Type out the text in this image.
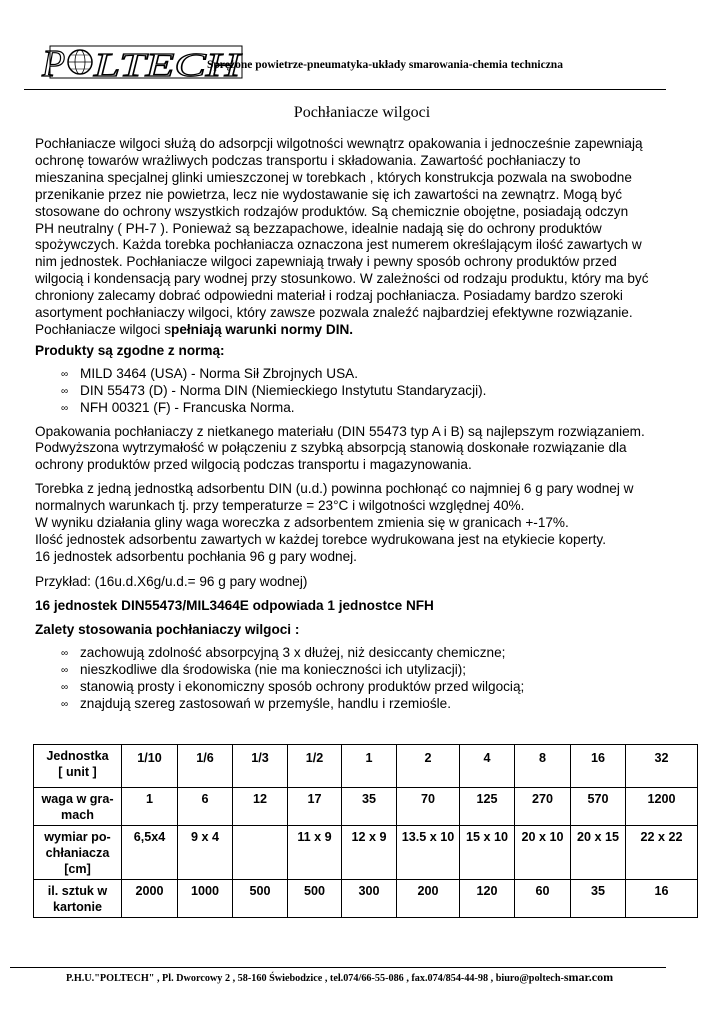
P LTECH
Sprężone powietrze-pneumatyka-układy smarowania-chemia techniczna
Pochłaniacze wilgoci

Pochłaniacze wilgoci służą do adsorpcji wilgotności wewnątrz opakowania i jednocześnie zapewniają
ochronę towarów wrażliwych podczas transportu i składowania. Zawartość pochłaniaczy to
mieszanina specjalnej glinki umieszczonej w torebkach , których konstrukcja pozwala na swobodne
przenikanie przez nie powietrza, lecz nie wydostawanie się ich zawartości na zewnątrz. Mogą być
stosowane do ochrony wszystkich rodzajów produktów. Są chemicznie obojętne, posiadają odczyn
PH neutralny ( PH-7 ). Ponieważ są bezzapachowe, idealnie nadają się do ochrony produktów
spożywczych. Każda torebka pochłaniacza oznaczona jest numerem określającym ilość zawartych w
nim jednostek. Pochłaniacze wilgoci zapewniają trwały i pewny sposób ochrony produktów przed
wilgocią i kondensacją pary wodnej przy stosunkowo. W zależności od rodzaju produktu, który ma być
chroniony zalecamy dobrać odpowiedni materiał i rodzaj pochłaniacza. Posiadamy bardzo szeroki
asortyment pochłaniaczy wilgoci, który zawsze pozwala znaleźć najbardziej efektywne rozwiązanie.
Pochłaniacze wilgoci spełniają warunki normy DIN.

Produkty są zgodne z normą:

∞ MILD 3464 (USA) - Norma Sił Zbrojnych USA.
∞ DIN 55473 (D) - Norma DIN (Niemieckiego Instytutu Standaryzacji).
∞ NFH 00321 (F) - Francuska Norma.

Opakowania pochłaniaczy z nietkanego materiału (DIN 55473 typ A i B) są najlepszym rozwiązaniem.
Podwyższona wytrzymałość w połączeniu z szybką absorpcją stanowią doskonałe rozwiązanie dla
ochrony produktów przed wilgocią podczas transportu i magazynowania.

Torebka z jedną jednostką adsorbentu DIN (u.d.) powinna pochłonąć co najmniej 6 g pary wodnej w
normalnych warunkach tj. przy temperaturze = 23°C i wilgotności względnej 40%.
W wyniku działania gliny waga woreczka z adsorbentem zmienia się w granicach +-17%.
Ilość jednostek adsorbentu zawartych w każdej torebce wydrukowana jest na etykiecie koperty.
16 jednostek adsorbentu pochłania 96 g pary wodnej.

Przykład: (16u.d.X6g/u.d.= 96 g pary wodnej)

16 jednostek DIN55473/MIL3464E odpowiada 1 jednostce NFH

Zalety stosowania pochłaniaczy wilgoci :

∞ zachowują zdolność absorpcyjną 3 x dłużej, niż desiccanty chemiczne;
∞ nieszkodliwe dla środowiska (nie ma konieczności ich utylizacji);
∞ stanowią prosty i ekonomiczny sposób ochrony produktów przed wilgocią;
∞ znajdują szereg zastosowań w przemyśle, handlu i rzemiośle.
Jednostka
[ unit ]	1/10	1/6	1/3	1/2	1	2	4	8	16	32
waga w gra-
mach	1	6	12	17	35	70	125	270	570	1200
wymiar po-
chłaniacza
[cm]	6,5x4	9 x 4		11 x 9	12 x 9	13.5 x 10	15 x 10	20 x 10	20 x 15	22 x 22
il. sztuk w
kartonie	2000	1000	500	500	300	200	120	60	35	16
P.H.U."POLTECH" , Pl. Dworcowy 2 , 58-160 Świebodzice , tel.074/66-55-086 , fax.074/854-44-98 , biuro@poltech-smar.com
